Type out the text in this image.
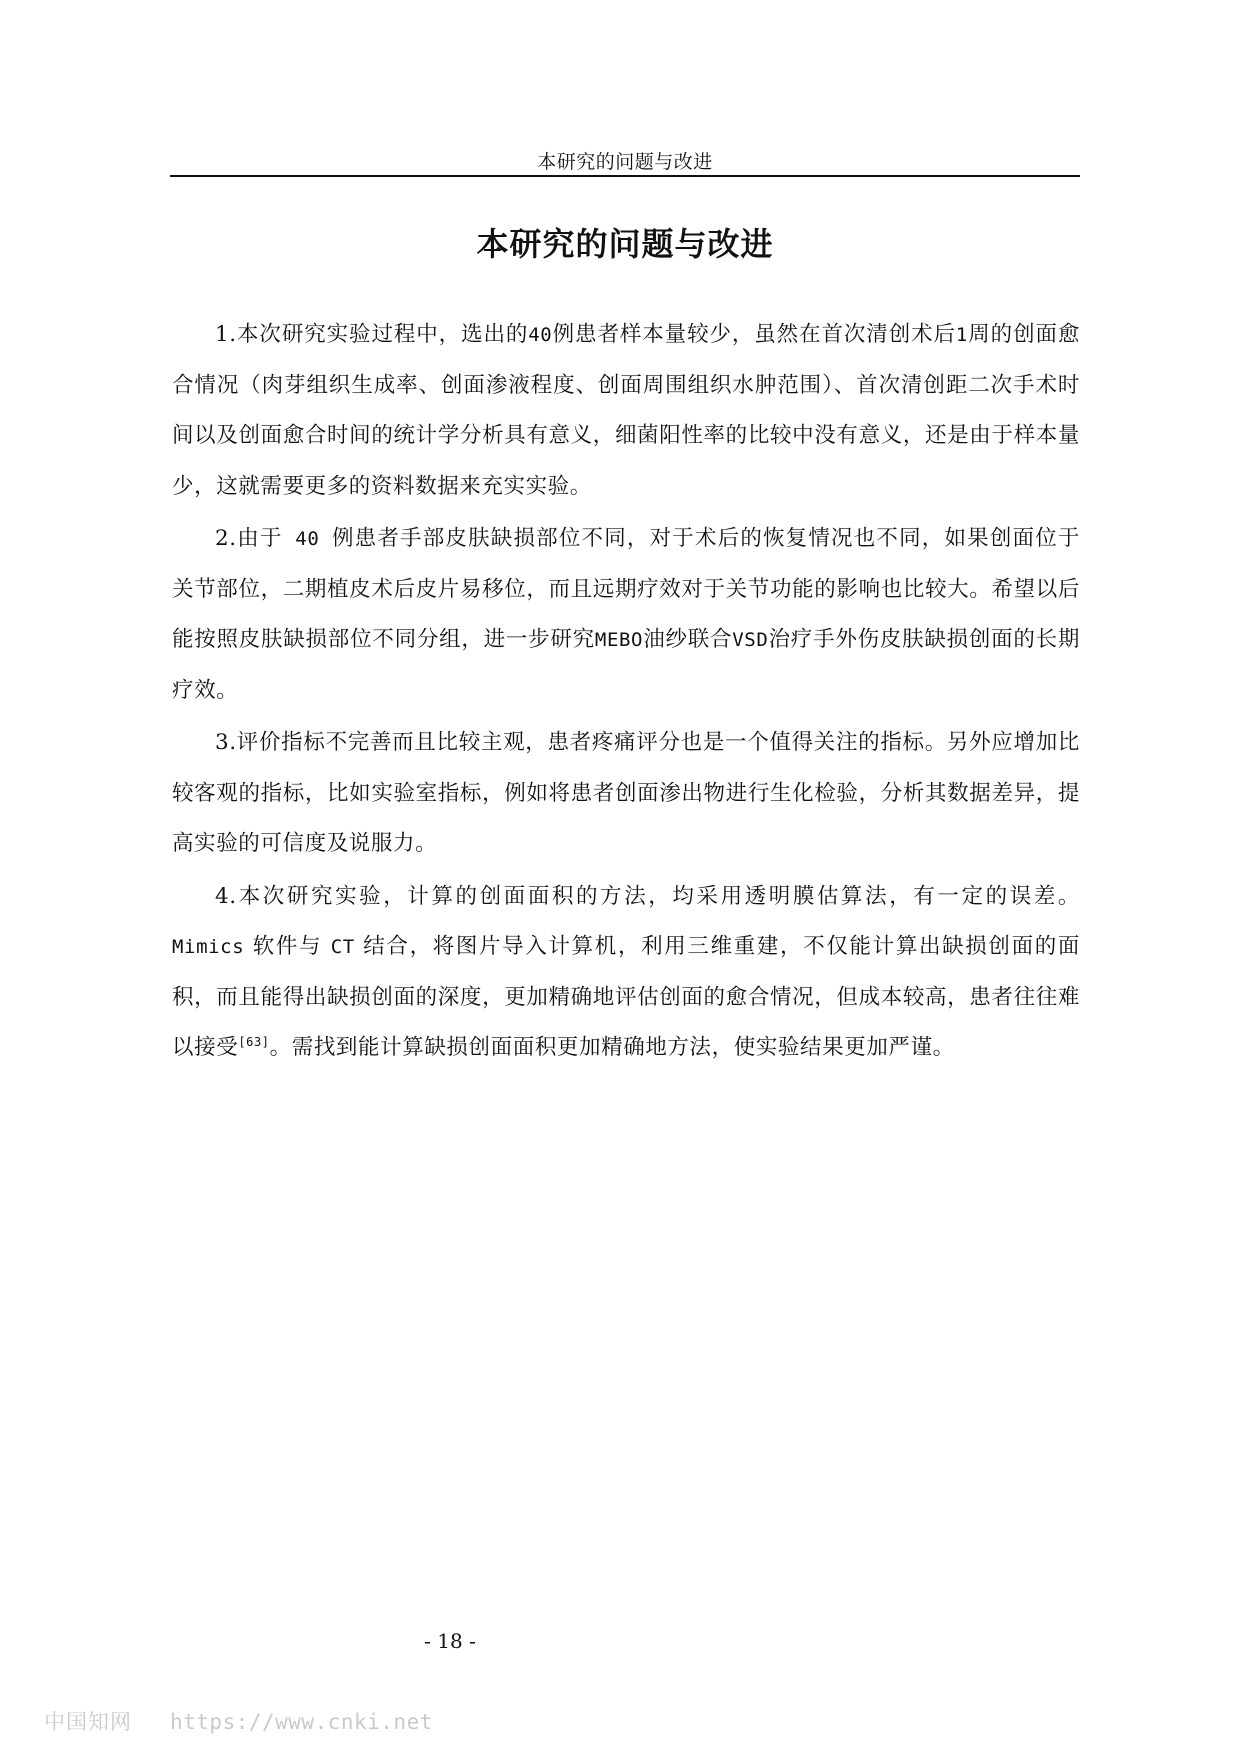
本研究的问题与改进
本研究的问题与改进

1.本次研究实验过程中，选出的40例患者样本量较少，虽然在首次清创术后1周的创面愈合情况（肉芽组织生成率、创面渗液程度、创面周围组织水肿范围）、首次清创距二次手术时间以及创面愈合时间的统计学分析具有意义，细菌阳性率的比较中没有意义，还是由于样本量少，这就需要更多的资料数据来充实实验。

2.由于 40 例患者手部皮肤缺损部位不同，对于术后的恢复情况也不同，如果创面位于关节部位，二期植皮术后皮片易移位，而且远期疗效对于关节功能的影响也比较大。希望以后能按照皮肤缺损部位不同分组，进一步研究MEBO油纱联合VSD治疗手外伤皮肤缺损创面的长期疗效。

3.评价指标不完善而且比较主观，患者疼痛评分也是一个值得关注的指标。另外应增加比较客观的指标，比如实验室指标，例如将患者创面渗出物进行生化检验，分析其数据差异，提高实验的可信度及说服力。

4.本次研究实验，计算的创面面积的方法，均采用透明膜估算法，有一定的误差。Mimics 软件与 CT 结合，将图片导入计算机，利用三维重建，不仅能计算出缺损创面的面积，而且能得出缺损创面的深度，更加精确地评估创面的愈合情况，但成本较高，患者往往难以接受[63]。需找到能计算缺损创面面积更加精确地方法，使实验结果更加严谨。

- 18 -
中国知网 https://www.cnki.net
